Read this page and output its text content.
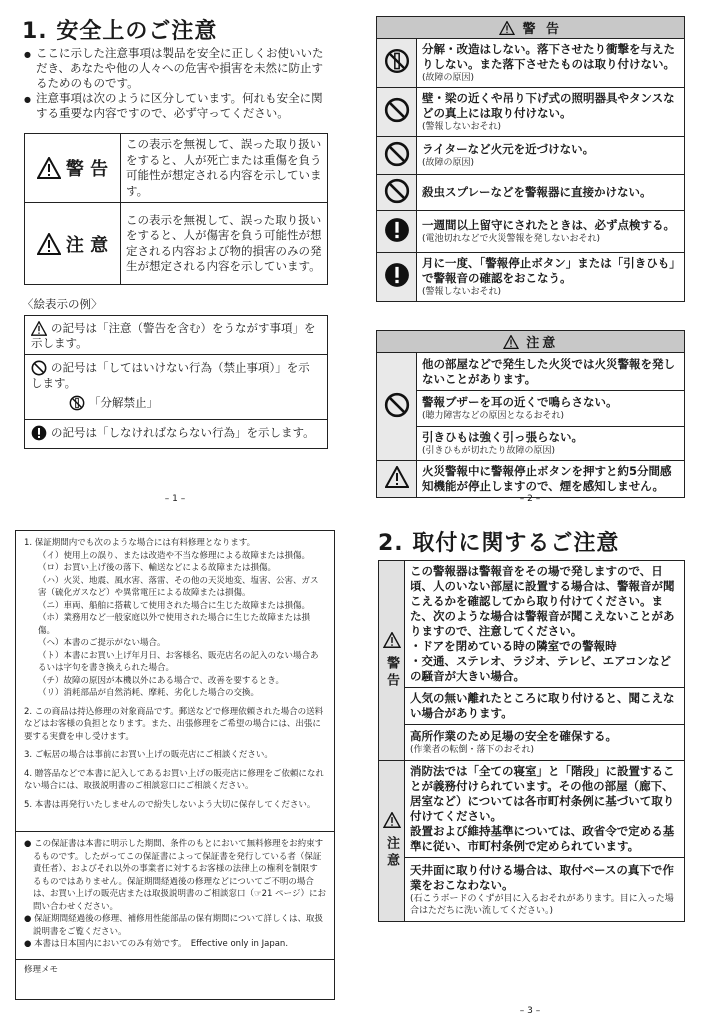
1. 安全上のご注意
● ここに示した注意事項は製品を安全に正しくお使いいただき、あなたや他の人々への危害や損害を未然に防止するためのものです。
● 注意事項は次のように区分しています。何れも安全に関する重要な内容ですので、必ず守ってください。
警 告	この表示を無視して、誤った取り扱いをすると、人が死亡または重傷を負う可能性が想定される内容を示しています。
注 意	この表示を無視して、誤った取り扱いをすると、人が傷害を負う可能性が想定される内容および物的損害のみの発生が想定される内容を示しています。
〈絵表示の例〉
の記号は「注意（警告を含む）をうながす事項」を示します。
の記号は「してはいけない行為（禁止事項）」を示します。
「分解禁止」
の記号は「しなければならない行為」を示します。
– 1 –
警 告	
	分解・改造はしない。落下させたり衝撃を与えたりしない。また落下させたものは取り付けない。
(故障の原因)

	壁・梁の近くや吊り下げ式の照明器具やタンスなどの真上には取り付けない。
(警報しないおそれ)

	ライターなど火元を近づけない。
(故障の原因)

	殺虫スプレーなどを警報器に直接かけない。
	一週間以上留守にされたときは、必ず点検する。
(電池切れなどで火災警報を発しないおそれ)

	月に一度、「警報停止ボタン」または「引きひも」で警報音の確認をおこなう。
(警報しないおそれ)
注意	
	他の部屋などで発生した火災では火災警報を発しないことがあります。
	警報ブザーを耳の近くで鳴らさない。
(聴力障害などの原因となるおそれ)

	引きひもは強く引っ張らない。
(引きひもが切れたり故障の原因)

	火災警報中に警報停止ボタンを押すと約5分間感知機能が停止しますので、煙を感知しません。
– 2 –

1. 保証期間内でも次のような場合には有料修理となります。

（イ）使用上の誤り、または改造や不当な修理による故障または損傷。

（ロ）お買い上げ後の落下、輸送などによる故障または損傷。

（ハ）火災、地震、風水害、落雷、その他の天災地変、塩害、公害、ガス害（硫化ガスなど）や異常電圧による故障または損傷。

（ニ）車両、船舶に搭載して使用された場合に生じた故障または損傷。

（ホ）業務用など一般家庭以外で使用された場合に生じた故障または損傷。

（ヘ）本書のご提示がない場合。

（ト）本書にお買い上げ年月日、お客様名、販売店名の記入のない場合あるいは字句を書き換えられた場合。

（チ）故障の原因が本機以外にある場合で、改善を要するとき。

（リ）消耗部品が自然消耗、摩耗、劣化した場合の交換。

2. この商品は持込修理の対象商品です。郵送などで修理依頼された場合の送料などはお客様の負担となります。また、出張修理をご希望の場合には、出張に要する実費を申し受けます。

3. ご転居の場合は事前にお買い上げの販売店にご相談ください。

4. 贈答品などで本書に記入してあるお買い上げの販売店に修理をご依頼になれない場合には、取扱説明書のご相談窓口にご相談ください。

5. 本書は再発行いたしませんので紛失しないよう大切に保存してください。

● この保証書は本書に明示した期間、条件のもとにおいて無料修理をお約束するものです。したがってこの保証書によって保証書を発行している者（保証責任者）、およびそれ以外の事業者に対するお客様の法律上の権利を制限するものではありません。保証期間経過後の修理などについてご不明の場合は、お買い上げの販売店または取扱説明書のご相談窓口（☞21 ページ）にお問い合わせください。

● 保証期間経過後の修理、補修用性能部品の保有期間について詳しくは、取扱説明書をご覧ください。

● 本書は日本国内においてのみ有効です。　Effective only in Japan.

修理メモ

2. 取付に関するご注意
警告	この警報器は警報音をその場で発しますので、日頃、人のいない部屋に設置する場合は、警報音が聞こえるかを確認してから取り付けてください。また、次のような場合は警報音が聞こえないことがありますので、注意してください。
・ドアを閉めている時の隣室での警報時
・交通、ステレオ、ラジオ、テレビ、エアコンなどの騒音が大きい場合。
	人気の無い離れたところに取り付けると、聞こえない場合があります。
	高所作業のため足場の安全を確保する。
(作業者の転倒・落下のおそれ)

注意	消防法では「全ての寝室」と「階段」に設置することが義務付けられています。その他の部屋（廊下、居室など）については各市町村条例に基づいて取り付けてください。
設置および維持基準については、政省令で定める基準に従い、市町村条例で定められています。
	天井面に取り付ける場合は、取付ベースの真下で作業をおこなわない。
(石こうボードのくずが目に入るおそれがあります。目に入った場合はただちに洗い流してください。)
– 3 –
